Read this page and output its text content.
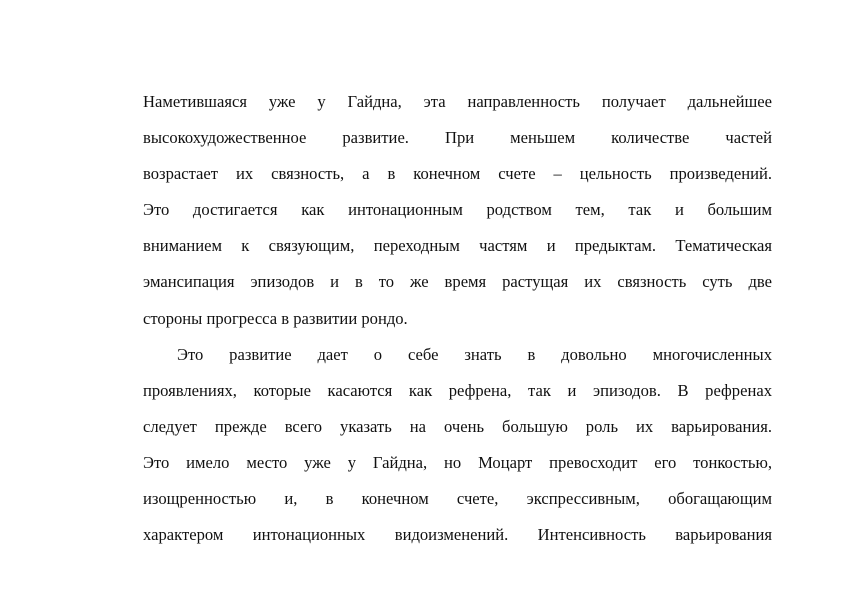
Наметившаяся уже у Гайдна, эта направленность получает дальнейшее
высокохудожественное развитие. При меньшем количестве частей
возрастает их связность, а в конечном счете – цельность произведений.
Это достигается как интонационным родством тем, так и большим
вниманием к связующим, переходным частям и предыктам. Тематическая
эмансипация эпизодов и в то же время растущая их связность суть две
стороны прогресса в развитии рондо.
Это развитие дает о себе знать в довольно многочисленных
проявлениях, которые касаются как рефрена, так и эпизодов. В рефренах
следует прежде всего указать на очень большую роль их варьирования.
Это имело место уже у Гайдна, но Моцарт превосходит его тонкостью,
изощренностью и, в конечном счете, экспрессивным, обогащающим
характером интонационных видоизменений. Интенсивность варьирования
